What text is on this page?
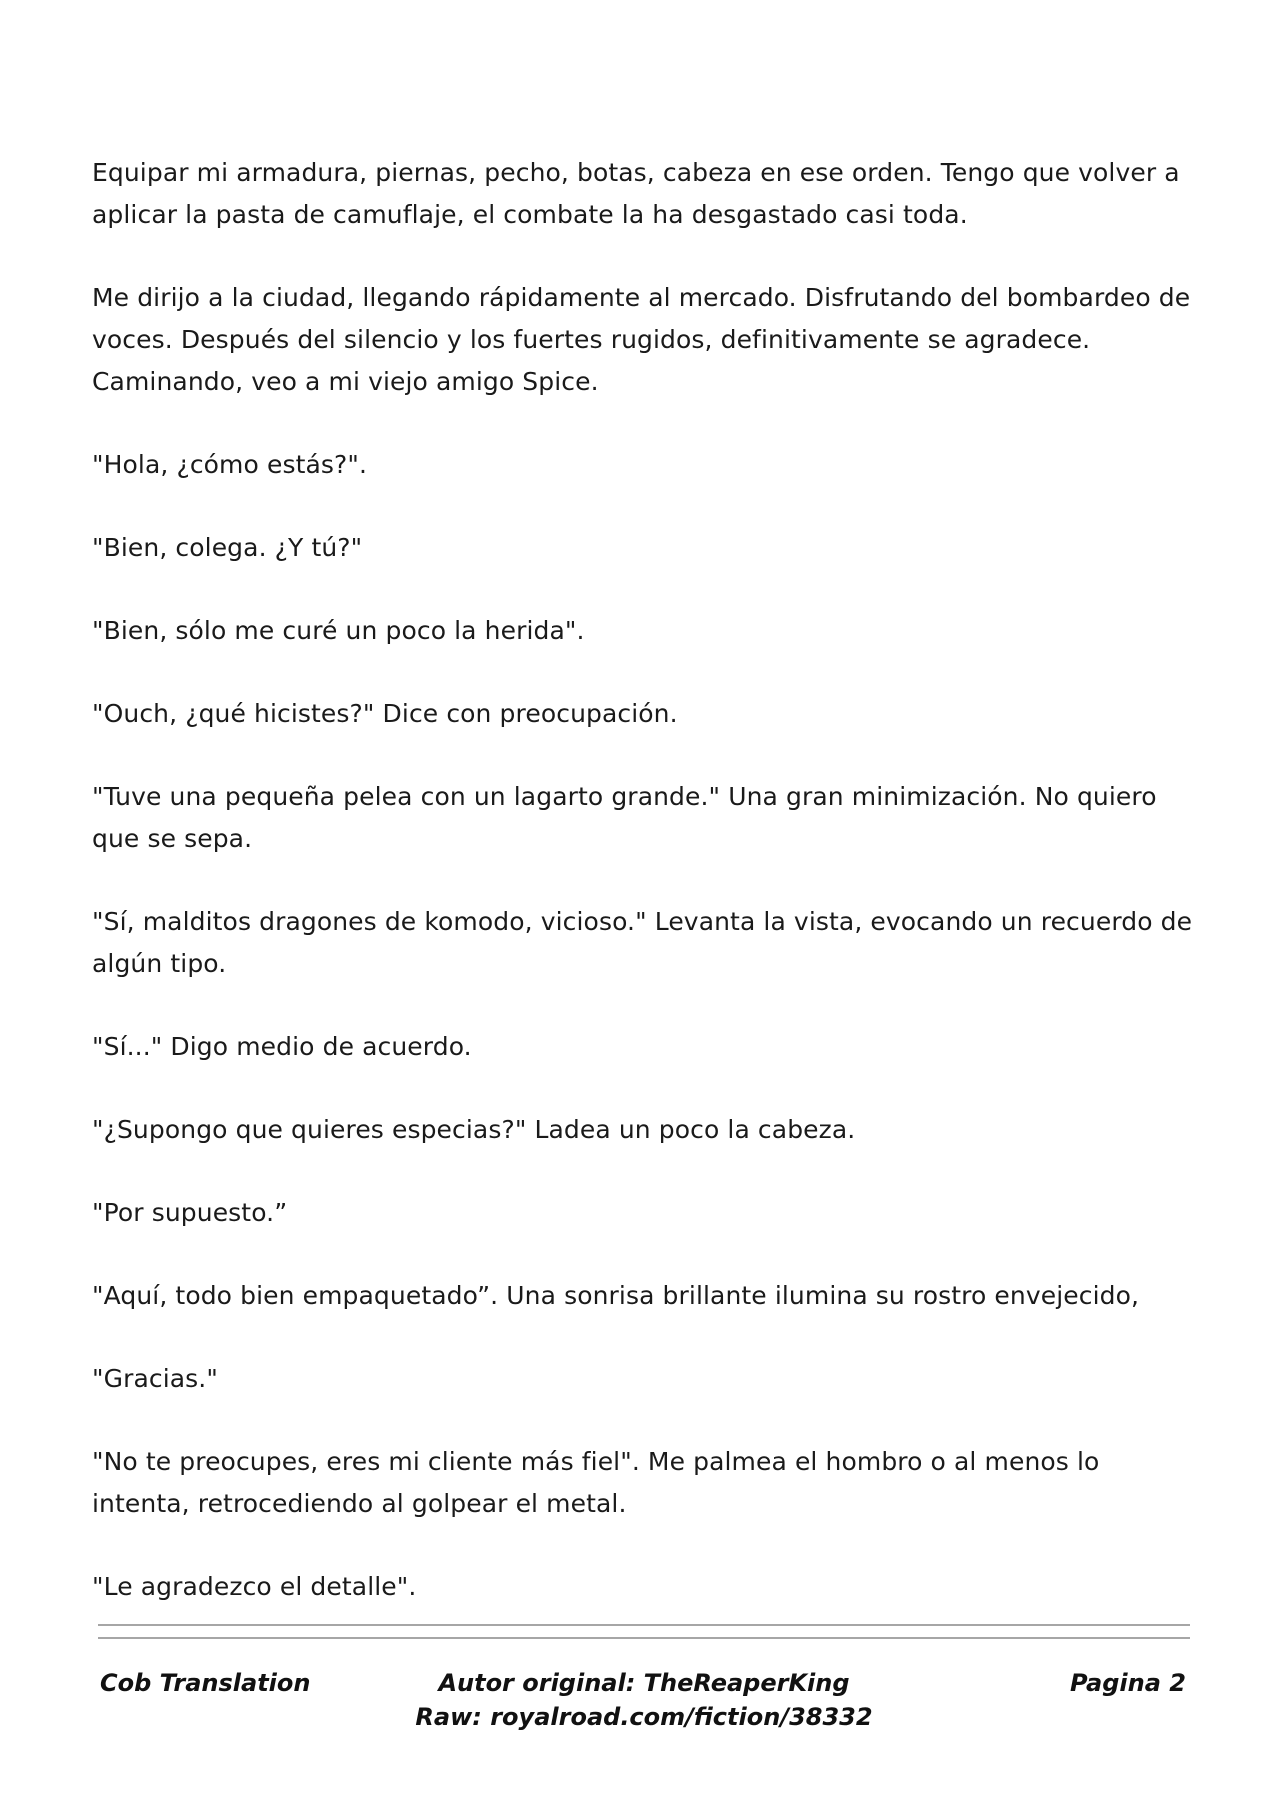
Equipar mi armadura, piernas, pecho, botas, cabeza en ese orden. Tengo que volver a aplicar la pasta de camuflaje, el combate la ha desgastado casi toda.

Me dirijo a la ciudad, llegando rápidamente al mercado. Disfrutando del bombardeo de voces. Después del silencio y los fuertes rugidos, definitivamente se agradece. Caminando, veo a mi viejo amigo Spice.

"Hola, ¿cómo estás?".

"Bien, colega. ¿Y tú?"

"Bien, sólo me curé un poco la herida".

"Ouch, ¿qué hicistes?" Dice con preocupación.

"Tuve una pequeña pelea con un lagarto grande." Una gran minimización. No quiero que se sepa.

"Sí, malditos dragones de komodo, vicioso." Levanta la vista, evocando un recuerdo de algún tipo.

"Sí..." Digo medio de acuerdo.

"¿Supongo que quieres especias?" Ladea un poco la cabeza.

"Por supuesto.”

"Aquí, todo bien empaquetado”. Una sonrisa brillante ilumina su rostro envejecido,

"Gracias."

"No te preocupes, eres mi cliente más fiel". Me palmea el hombro o al menos lo intenta, retrocediendo al golpear el metal.

"Le agradezco el detalle".

Autor original: TheReaperKing
Raw: royalroad.com/fiction/38332
Cob Translation	Pagina 2
